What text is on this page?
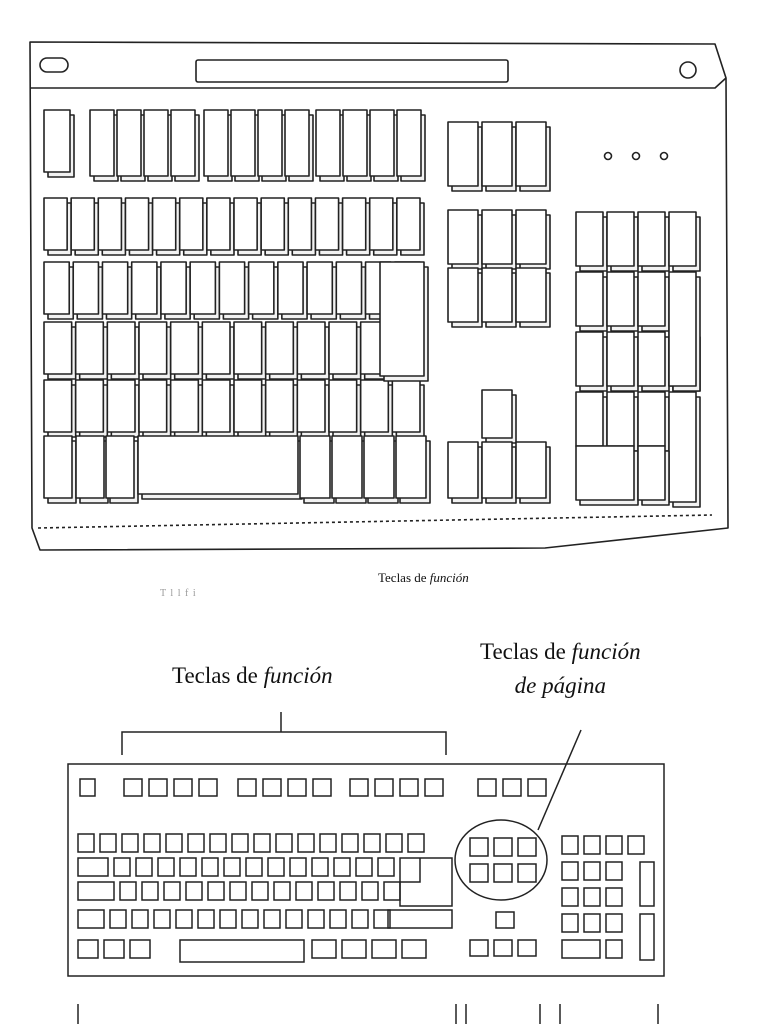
Teclas de función
T l l f i
Teclas de función
Teclas de función
de página
